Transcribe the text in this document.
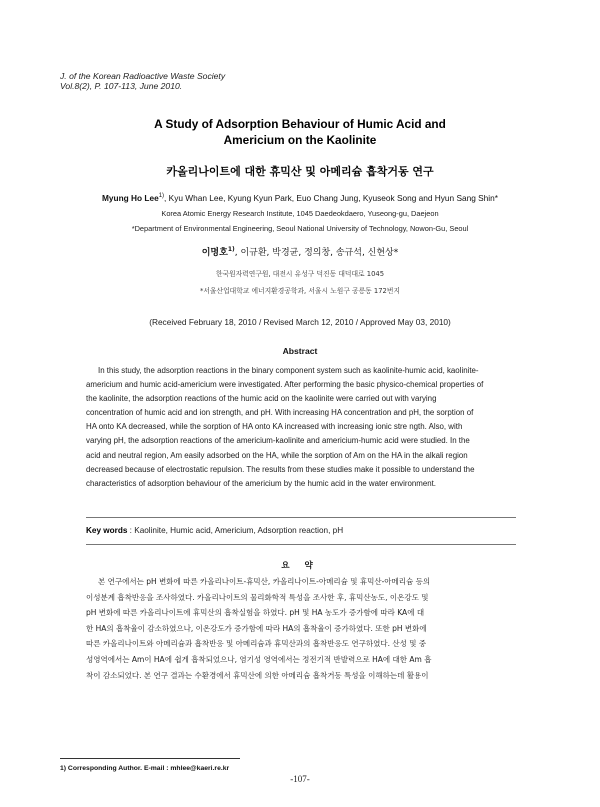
J. of the Korean Radioactive Waste Society
Vol.8(2), P. 107-113, June 2010.
A Study of Adsorption Behaviour of Humic Acid and
Americium on the Kaolinite
카올리나이트에 대한 휴믹산 및 아메리슘 흡착거동 연구
Myung Ho Lee$^{1)}$, Kyu Whan Lee, Kyung Kyun Park, Euo Chang Jung, Kyuseok Song and Hyun Sang Shin*
Korea Atomic Energy Research Institute, 1045 Daedeokdaero, Yuseong-gu, Daejeon
*Department of Environmental Engineering, Seoul National University of Technology, Nowon-Gu, Seoul
이명호$^{1)}$, 이규환, 박경균, 정의창, 송규석, 신현상*
한국원자력연구원, 대전시 유성구 덕진동 대덕대로 1045
*서울산업대학교 에너지환경공학과, 서울시 노원구 공릉동 172번지
(Received February 18, 2010 / Revised March 12, 2010 / Approved May 03, 2010)
Abstract
In this study, the adsorption reactions in the binary component system such as kaolinite-humic acid, kaolinite-
americium and humic acid-americium were investigated. After performing the basic physico-chemical properties of
the kaolinite, the adsorption reactions of the humic acid on the kaolinite were carried out with varying
concentration of humic acid and ion strength, and pH. With increasing HA concentration and pH, the sorption of
HA onto KA decreased, while the sorption of HA onto KA increased with increasing ionic stre ngth. Also, with
varying pH, the adsorption reactions of the americium-kaolinite and americium-humic acid were studied. In the
acid and neutral region, Am easily adsorbed on the HA, while the sorption of Am on the HA in the alkali region
decreased because of electrostatic repulsion. The results from these studies make it possible to understand the
characteristics of adsorption behaviour of the americium by the humic acid in the water environment.
Key words : Kaolinite, Humic acid, Americium, Adsorption reaction, pH
요 약
본 연구에서는 pH 변화에 따른 카올리나이트-휴믹산, 카올리나이트-아메리슘 및 휴믹산-아메리슘 등의
이성분계 흡착반응을 조사하였다. 카올리나이트의 물리화학적 특성을 조사한 후, 휴믹산농도, 이온강도 및
pH 변화에 따른 카올리나이트에 휴믹산의 흡착실험을 하였다. pH 및 HA 농도가 증가함에 따라 KA에 대
한 HA의 흡착율이 감소하였으나, 이온강도가 증가함에 따라 HA의 흡착율이 증가하였다. 또한 pH 변화에
따른 카올리나이트와 아메리슘과 흡착반응 및 아메리슘과 휴믹산과의 흡착반응도 연구하였다. 산성 및 중
성영역에서는 Am이 HA에 쉽게 흡착되었으나, 염기성 영역에서는 정전기적 반발력으로 HA에 대한 Am 흡
착이 감소되었다. 본 연구 결과는 수환경에서 휴믹산에 의한 아메리슘 흡착거동 특성을 이해하는데 활용이
1) Corresponding Author. E-mail : mhlee@kaeri.re.kr
-107-
